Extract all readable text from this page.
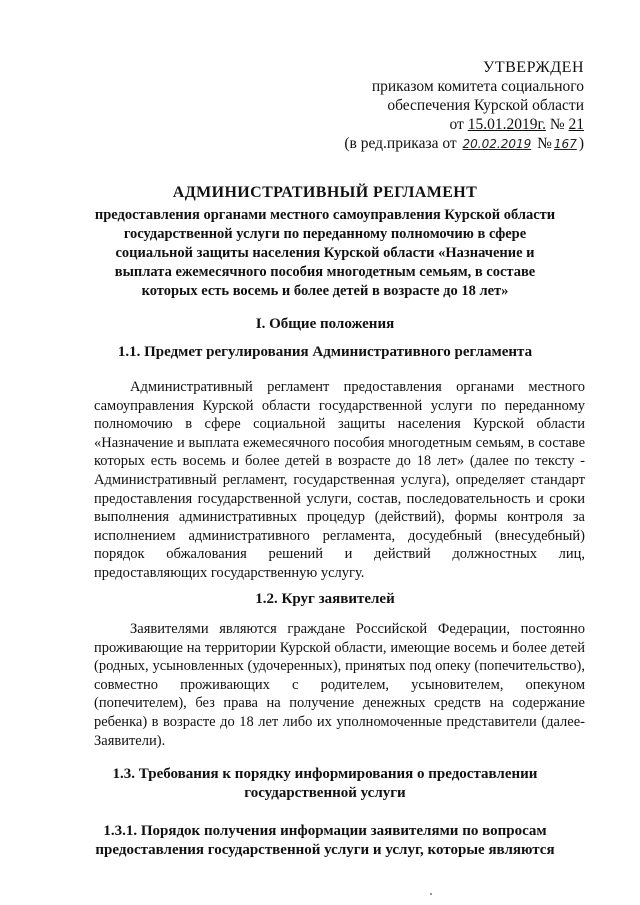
УТВЕРЖДЕН
приказом комитета социального
обеспечения Курской области
от 15.01.2019г. № 21
(в ред.приказа от 20.02.2019 № 167 )
АДМИНИСТРАТИВНЫЙ РЕГЛАМЕНТ
предоставления органами местного самоуправления Курской области государственной услуги по переданному полномочию в сфере социальной защиты населения Курской области «Назначение и выплата ежемесячного пособия многодетным семьям, в составе которых есть восемь и более детей в возрасте до 18 лет»
I. Общие положения
1.1. Предмет регулирования Административного регламента
Административный регламент предоставления органами местного самоуправления Курской области государственной услуги по переданному полномочию в сфере социальной защиты населения Курской области «Назначение и выплата ежемесячного пособия многодетным семьям, в составе которых есть восемь и более детей в возрасте до 18 лет» (далее по тексту - Административный регламент, государственная услуга), определяет стандарт предоставления государственной услуги, состав, последовательность и сроки выполнения административных процедур (действий), формы контроля за исполнением административного регламента, досудебный (внесудебный) порядок обжалования решений и действий должностных лиц, предоставляющих государственную услугу.
1.2. Круг заявителей
Заявителями являются граждане Российской Федерации, постоянно проживающие на территории Курской области, имеющие восемь и более детей (родных, усыновленных (удочеренных), принятых под опеку (попечительство), совместно проживающих с родителем, усыновителем, опекуном (попечителем), без права на получение денежных средств на содержание ребенка) в возрасте до 18 лет либо их уполномоченные представители (далее- Заявители).
1.3. Требования к порядку информирования о предоставлении государственной услуги
1.3.1. Порядок получения информации заявителями по вопросам предоставления государственной услуги и услуг, которые являются
